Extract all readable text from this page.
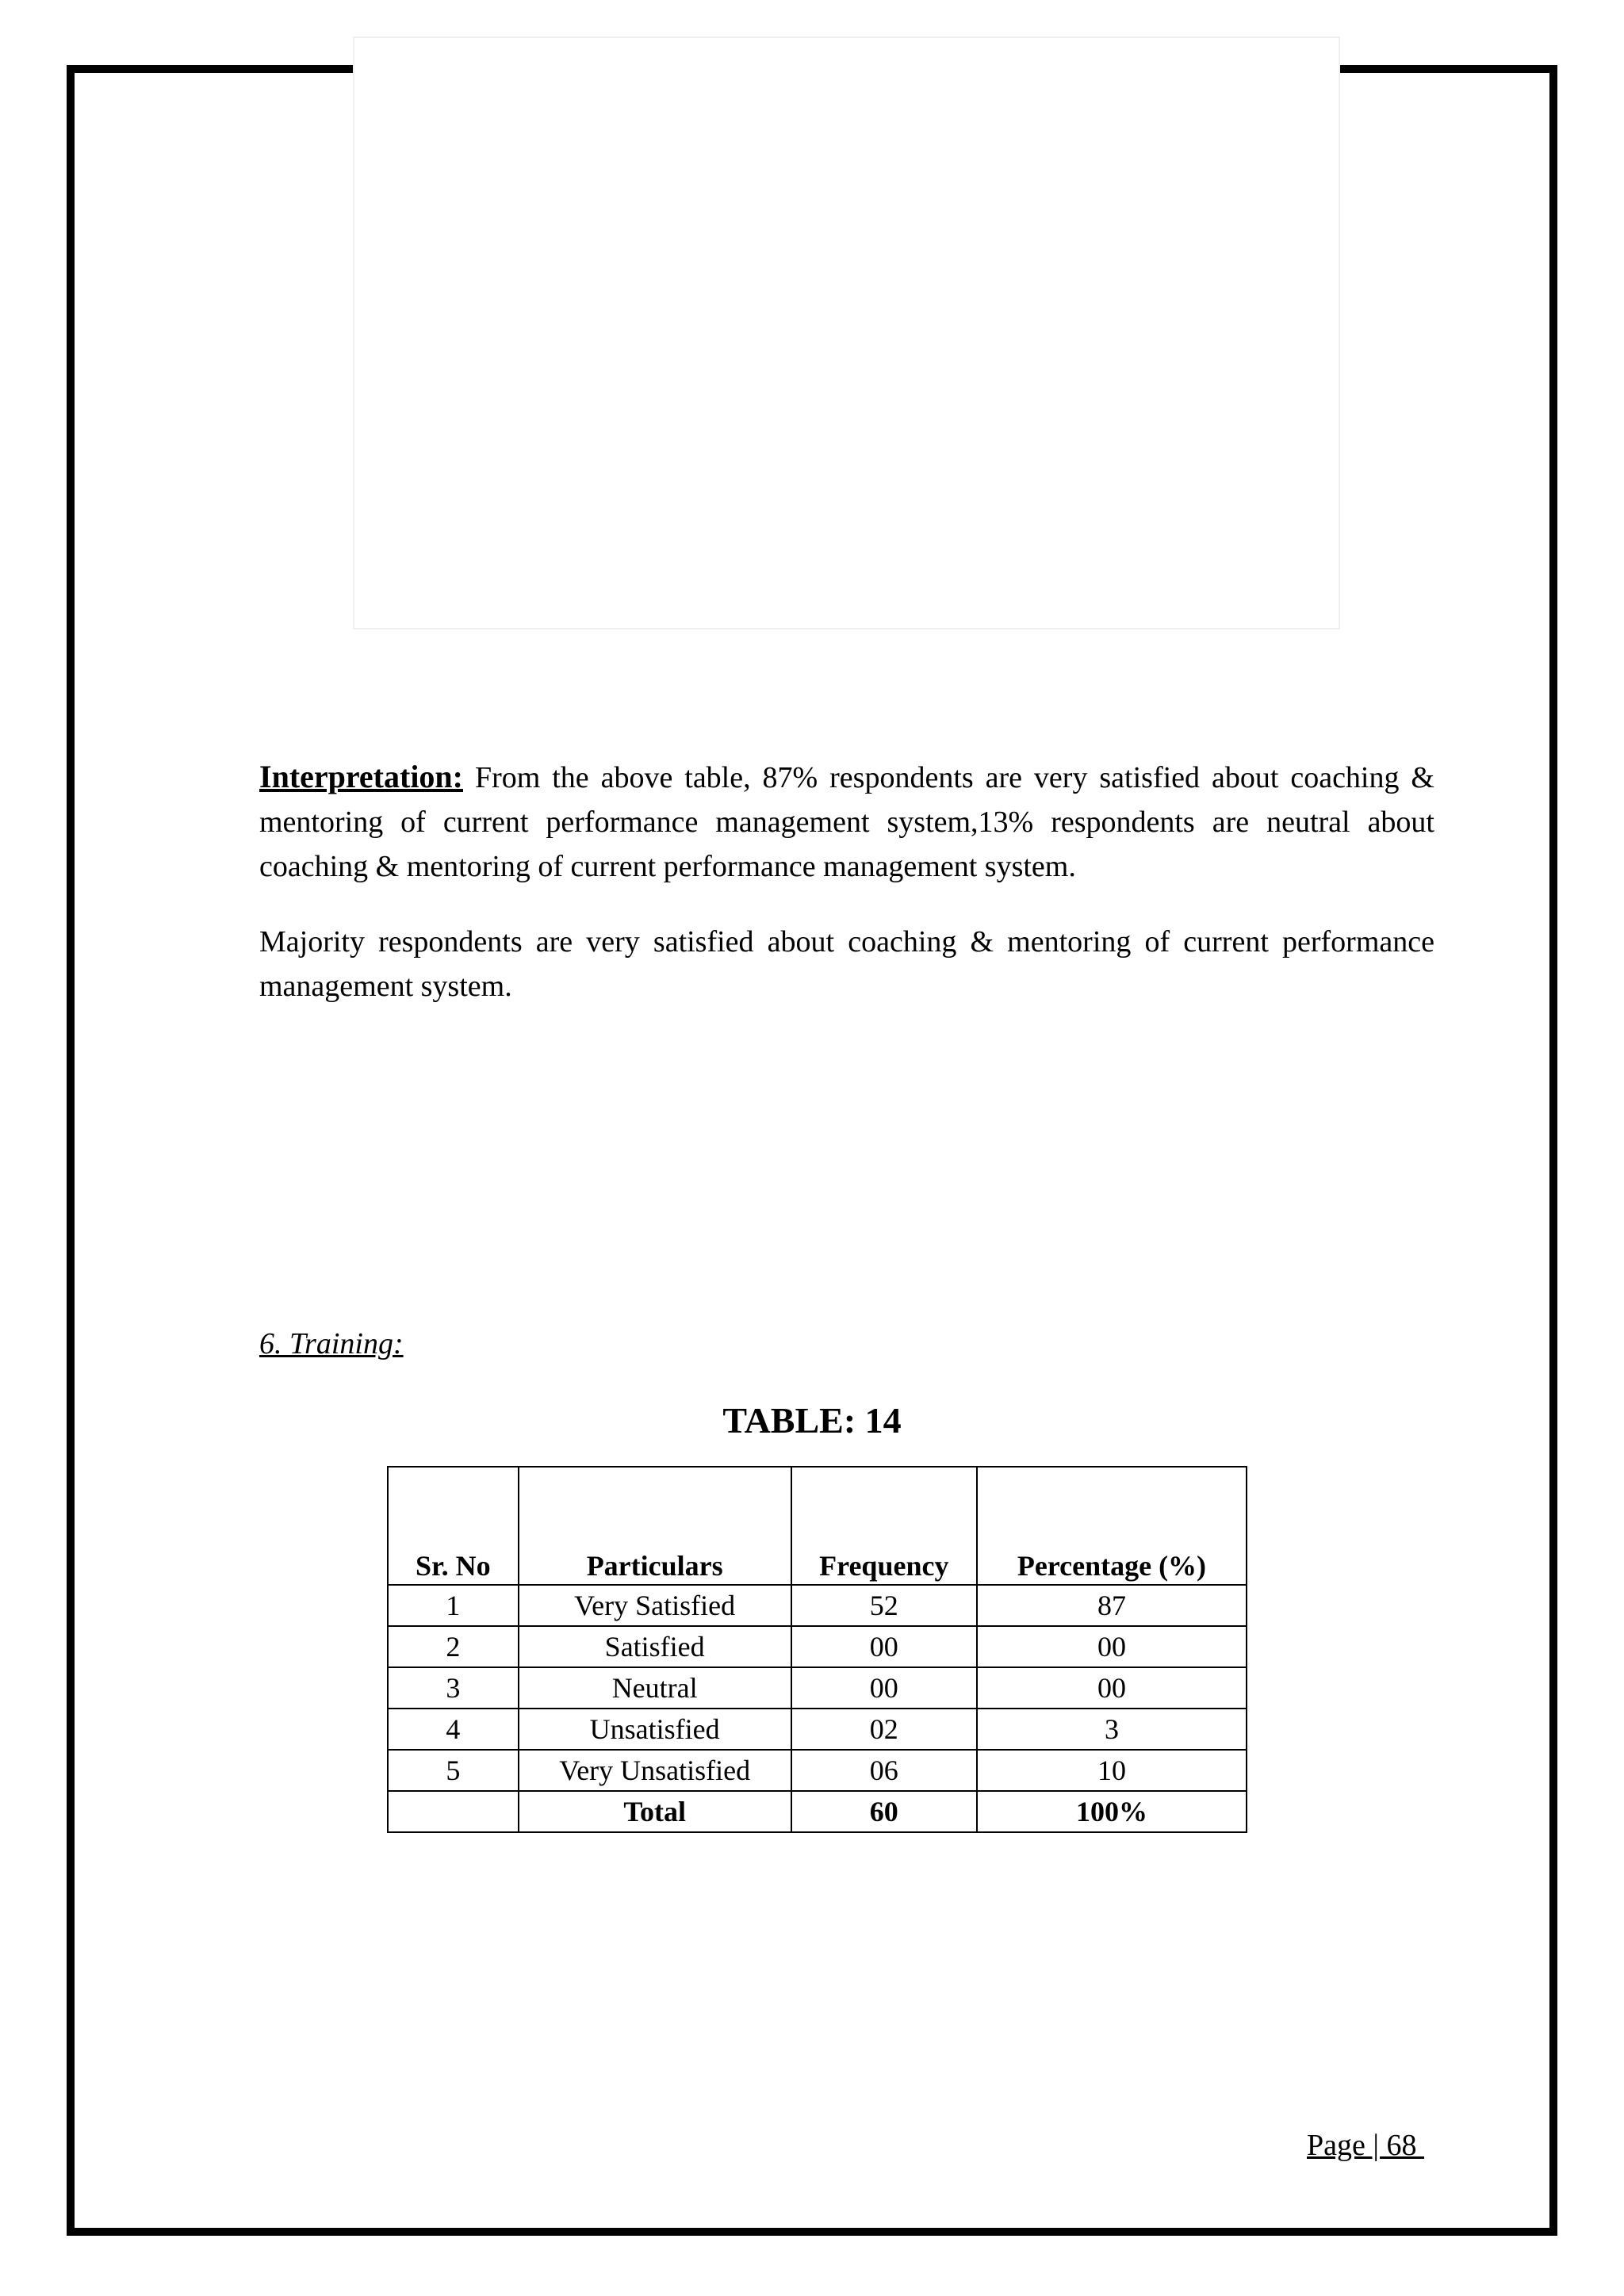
Interpretation: From the above table, 87% respondents are very satisfied about coaching & mentoring of current performance management system,13% respondents are neutral about coaching & mentoring of current performance management system.

Majority respondents are very satisfied about coaching & mentoring of current performance management system.

6. Training:

TABLE: 14

Sr. No	Particulars	Frequency	Percentage (%)
1	Very Satisfied	52	87
2	Satisfied	00	00
3	Neutral	00	00
4	Unsatisfied	02	3
5	Very Unsatisfied	06	10
	Total	60	100%

Page | 68
